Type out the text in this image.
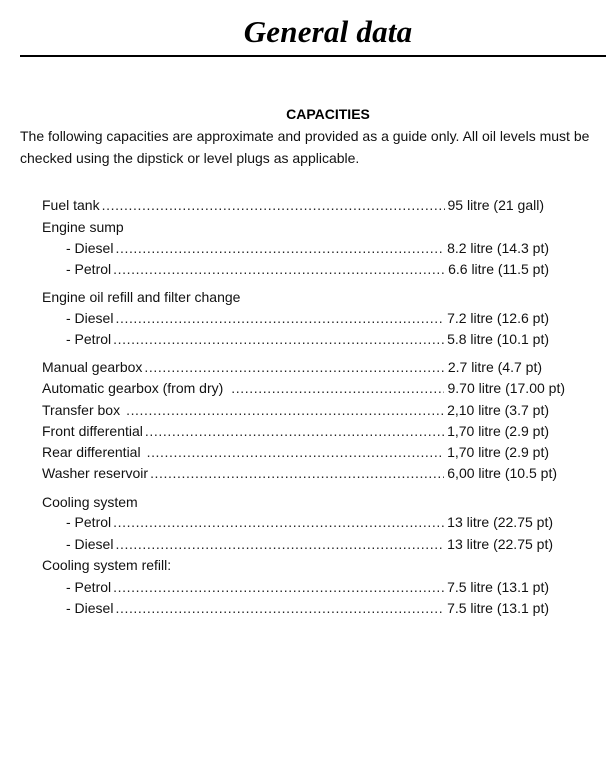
General data
CAPACITIES

The following capacities are approximate and provided as a guide only. All oil levels must be checked using the dipstick or level plugs as applicable.

Fuel tank .....	95 litre (21 gall)
Engine sump
- Diesel .....	8.2 litre (14.3 pt)
- Petrol .....	6.6 litre (11.5 pt)
Engine oil refill and filter change
- Diesel .....	7.2 litre (12.6 pt)
- Petrol .....	5.8 litre (10.1 pt)
Manual gearbox .....	2.7 litre (4.7 pt)
Automatic gearbox (from dry) .....	9.70 litre (17.00 pt)
Transfer box .....	2,10 litre (3.7 pt)
Front differential .....	1,70 litre (2.9 pt)
Rear differential .....	1,70 litre (2.9 pt)
Washer reservoir .....	6,00 litre (10.5 pt)
Cooling system
- Petrol .....	13 litre (22.75 pt)
- Diesel .....	13 litre (22.75 pt)
Cooling system refill:
- Petrol .....	7.5 litre (13.1 pt)
- Diesel .....	7.5 litre (13.1 pt)
